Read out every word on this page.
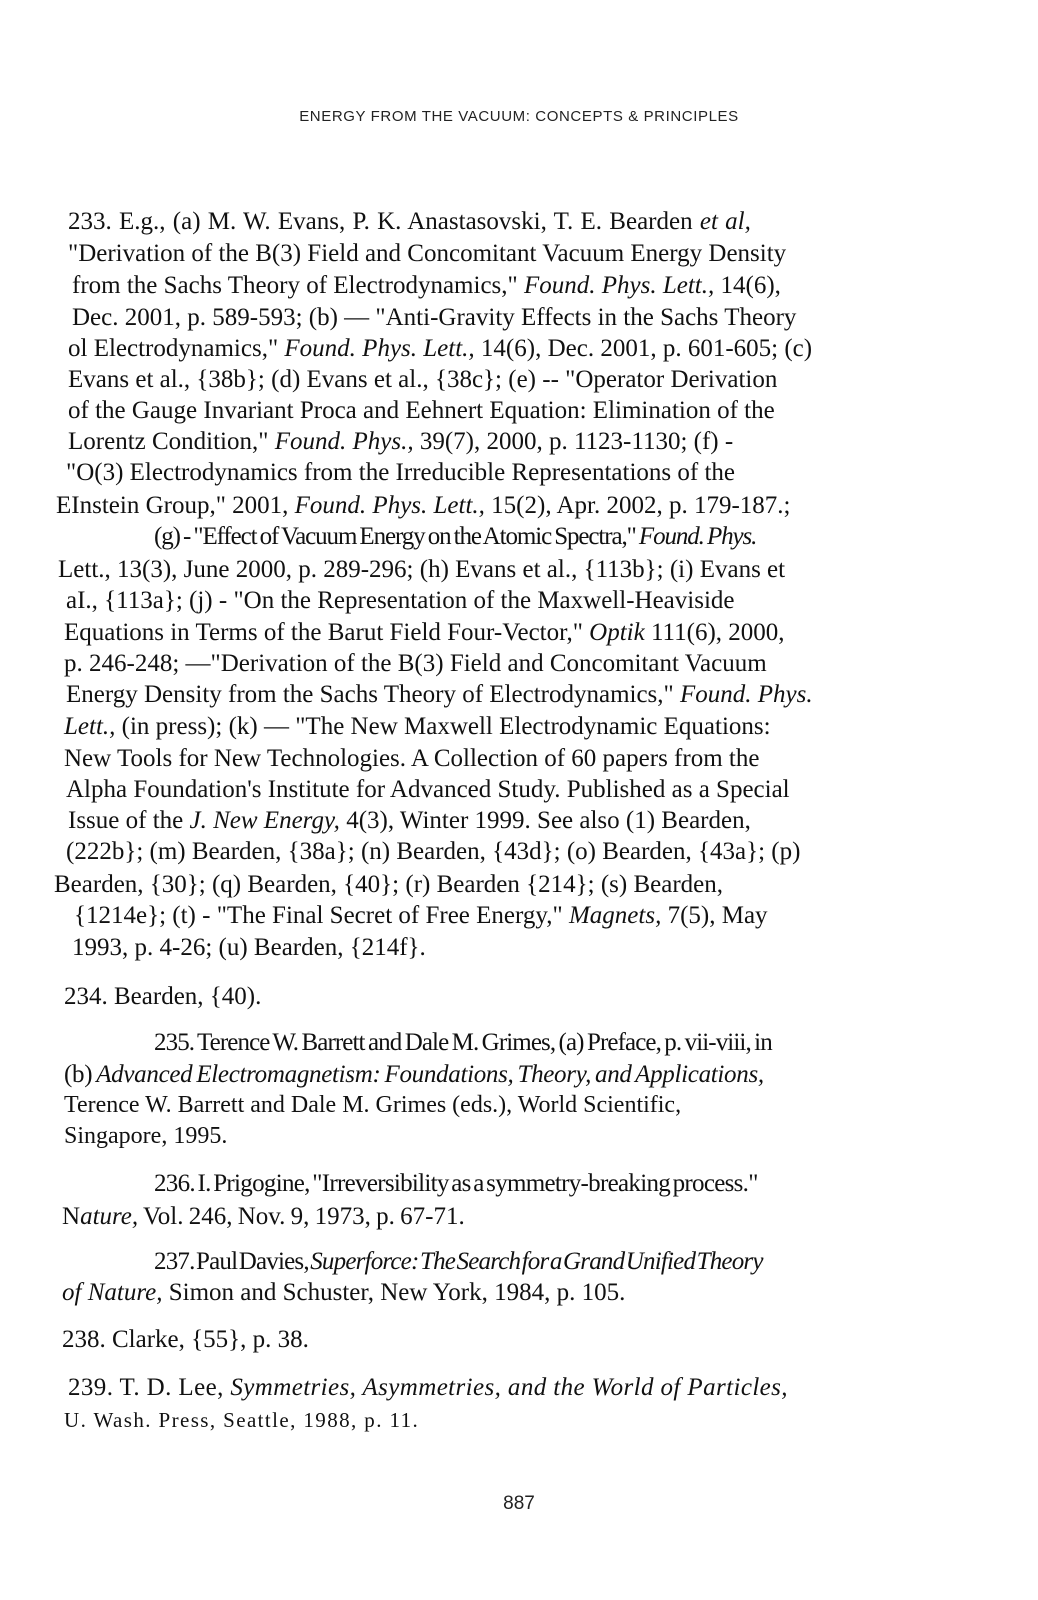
ENERGY FROM THE VACUUM: CONCEPTS & PRINCIPLES
233. E.g., (a) M. W. Evans, P. K. Anastasovski, T. E. Bearden et al,
"Derivation of the B(3) Field and Concomitant Vacuum Energy Density
from the Sachs Theory of Electrodynamics," Found. Phys. Lett., 14(6),
Dec. 2001, p. 589-593; (b) — "Anti-Gravity Effects in the Sachs Theory
ol Electrodynamics," Found. Phys. Lett., 14(6), Dec. 2001, p. 601-605; (c)
Evans et al., {38b}; (d) Evans et al., {38c}; (e) -- "Operator Derivation
of the Gauge Invariant Proca and Eehnert Equation: Elimination of the
Lorentz Condition," Found. Phys., 39(7), 2000, p. 1123-1130; (f) -
"O(3) Electrodynamics from the Irreducible Representations of the
EInstein Group," 2001, Found. Phys. Lett., 15(2), Apr. 2002, p. 179-187.;
(g) - "Effect of Vacuum Energy on the Atomic Spectra," Found. Phys.
Lett., 13(3), June 2000, p. 289-296; (h) Evans et al., {113b}; (i) Evans et
aI., {113a}; (j) - "On the Representation of the Maxwell-Heaviside
Equations in Terms of the Barut Field Four-Vector," Optik 111(6), 2000,
p. 246-248; —"Derivation of the B(3) Field and Concomitant Vacuum
Energy Density from the Sachs Theory of Electrodynamics," Found. Phys.
Lett., (in press); (k) — "The New Maxwell Electrodynamic Equations:
New Tools for New Technologies. A Collection of 60 papers from the
Alpha Foundation's Institute for Advanced Study. Published as a Special
Issue of the J. New Energy, 4(3), Winter 1999. See also (1) Bearden,
(222b}; (m) Bearden, {38a}; (n) Bearden, {43d}; (o) Bearden, {43a}; (p)
Bearden, {30}; (q) Bearden, {40}; (r) Bearden {214}; (s) Bearden,
{1214e}; (t) - "The Final Secret of Free Energy," Magnets, 7(5), May
1993, p. 4-26; (u) Bearden, {214f}.
234. Bearden, {40).
235. Terence W. Barrett and Dale M. Grimes, (a) Preface, p. vii-viii, in
(b) Advanced Electromagnetism: Foundations, Theory, and Applications,
Terence W. Barrett and Dale M. Grimes (eds.), World Scientific,
Singapore, 1995.
236. I. Prigogine, "Irreversibility as a symmetry-breaking process."
Nature, Vol. 246, Nov. 9, 1973, p. 67-71.
237. Paul Davies, Superforce: The Search for a Grand Unified Theory
of Nature, Simon and Schuster, New York, 1984, p. 105.
238. Clarke, {55}, p. 38.
239. T. D. Lee, Symmetries, Asymmetries, and the World of Particles,
U. Wash. Press, Seattle, 1988, p. 11.
887
